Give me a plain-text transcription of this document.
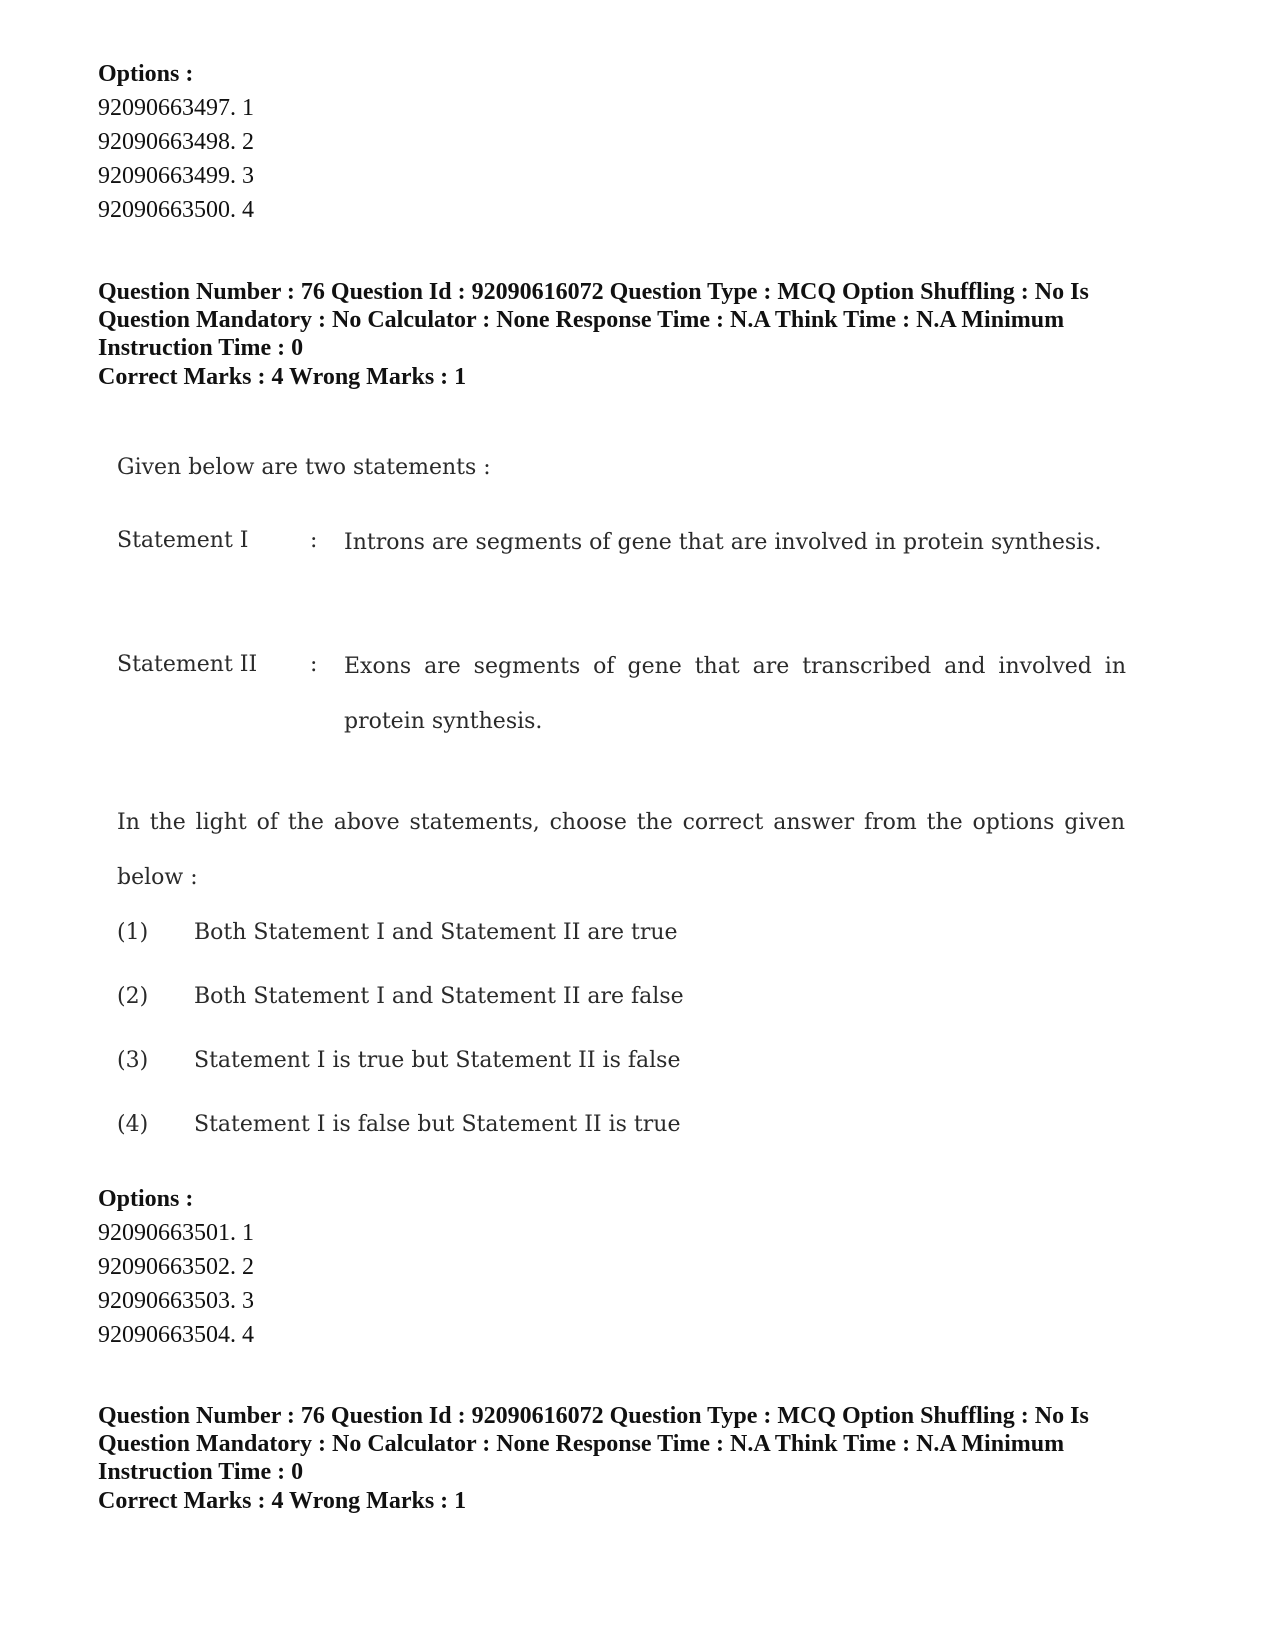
Options :
92090663497. 1
92090663498. 2
92090663499. 3
92090663500. 4
Question Number : 76 Question Id : 92090616072 Question Type : MCQ Option Shuffling : No Is
Question Mandatory : No Calculator : None Response Time : N.A Think Time : N.A Minimum
Instruction Time : 0
Correct Marks : 4 Wrong Marks : 1
Given below are two statements :
Statement I	: Introns are segments of gene that are involved in protein synthesis.
Statement II : Exons are segments of gene that are transcribed and involved in protein synthesis.
In the light of the above statements, choose the correct answer from the options given below :
(1) Both Statement I and Statement II are true
(2) Both Statement I and Statement II are false
(3) Statement I is true but Statement II is false
(4) Statement I is false but Statement II is true
Options :
92090663501. 1
92090663502. 2
92090663503. 3
92090663504. 4
Question Number : 76 Question Id : 92090616072 Question Type : MCQ Option Shuffling : No Is
Question Mandatory : No Calculator : None Response Time : N.A Think Time : N.A Minimum
Instruction Time : 0
Correct Marks : 4 Wrong Marks : 1
